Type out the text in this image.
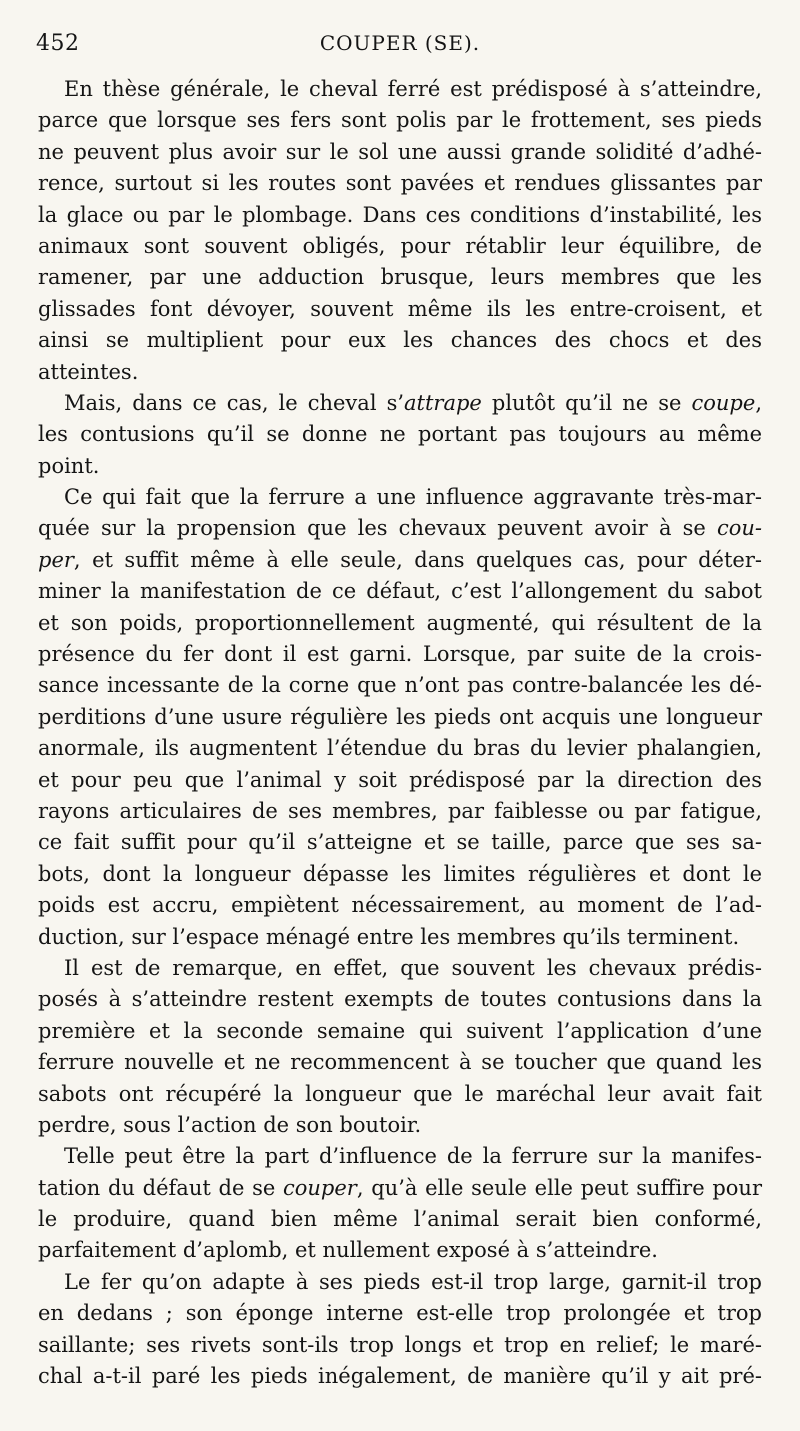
452	COUPER (SE).
En thèse générale, le cheval ferré est prédisposé à s’atteindre,
parce que lorsque ses fers sont polis par le frottement, ses pieds
ne peuvent plus avoir sur le sol une aussi grande solidité d’adhé-
rence, surtout si les routes sont pavées et rendues glissantes par
la glace ou par le plombage. Dans ces conditions d’instabilité, les
animaux sont souvent obligés, pour rétablir leur équilibre, de
ramener, par une adduction brusque, leurs membres que les
glissades font dévoyer, souvent même ils les entre-croisent, et
ainsi se multiplient pour eux les chances des chocs et des
atteintes.
Mais, dans ce cas, le cheval s’attrape plutôt qu’il ne se coupe,
les contusions qu’il se donne ne portant pas toujours au même
point.
Ce qui fait que la ferrure a une influence aggravante très-mar-
quée sur la propension que les chevaux peuvent avoir à se cou-
per, et suffit même à elle seule, dans quelques cas, pour déter-
miner la manifestation de ce défaut, c’est l’allongement du sabot
et son poids, proportionnellement augmenté, qui résultent de la
présence du fer dont il est garni. Lorsque, par suite de la crois-
sance incessante de la corne que n’ont pas contre-balancée les dé-
perditions d’une usure régulière les pieds ont acquis une longueur
anormale, ils augmentent l’étendue du bras du levier phalangien,
et pour peu que l’animal y soit prédisposé par la direction des
rayons articulaires de ses membres, par faiblesse ou par fatigue,
ce fait suffit pour qu’il s’atteigne et se taille, parce que ses sa-
bots, dont la longueur dépasse les limites régulières et dont le
poids est accru, empiètent nécessairement, au moment de l’ad-
duction, sur l’espace ménagé entre les membres qu’ils terminent.
Il est de remarque, en effet, que souvent les chevaux prédis-
posés à s’atteindre restent exempts de toutes contusions dans la
première et la seconde semaine qui suivent l’application d’une
ferrure nouvelle et ne recommencent à se toucher que quand les
sabots ont récupéré la longueur que le maréchal leur avait fait
perdre, sous l’action de son boutoir.
Telle peut être la part d’influence de la ferrure sur la manifes-
tation du défaut de se couper, qu’à elle seule elle peut suffire pour
le produire, quand bien même l’animal serait bien conformé,
parfaitement d’aplomb, et nullement exposé à s’atteindre.
Le fer qu’on adapte à ses pieds est-il trop large, garnit-il trop
en dedans ; son éponge interne est-elle trop prolongée et trop
saillante; ses rivets sont-ils trop longs et trop en relief; le maré-
chal a-t-il paré les pieds inégalement, de manière qu’il y ait pré-
